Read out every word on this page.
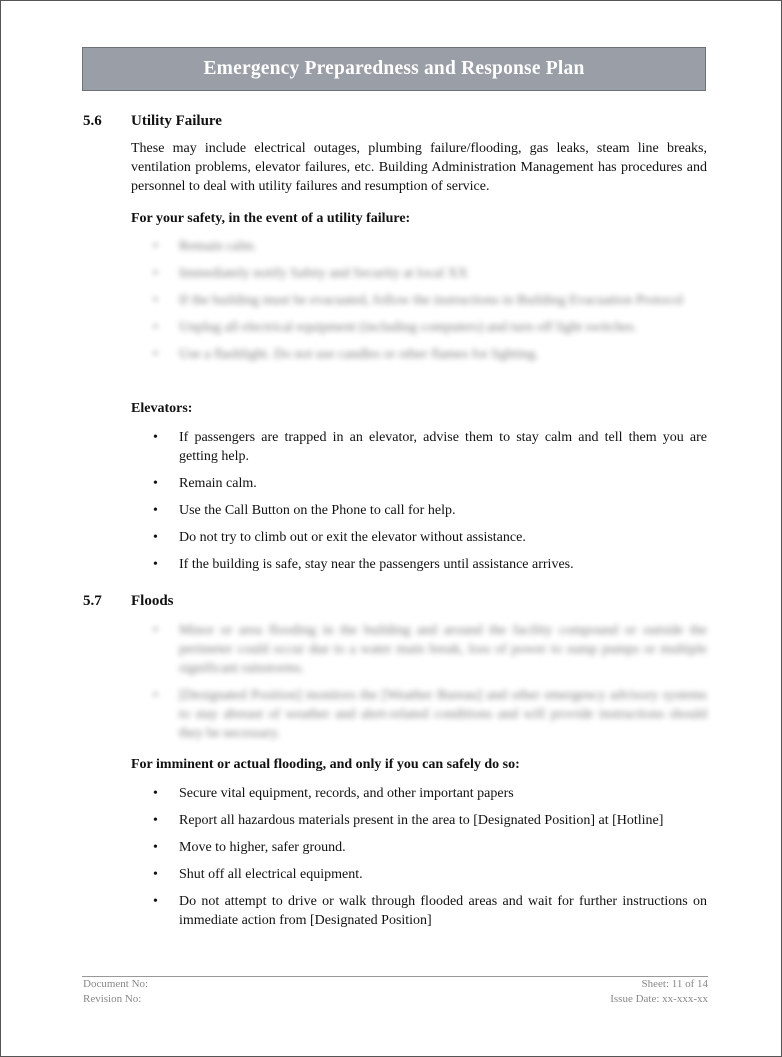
Emergency Preparedness and Response Plan
5.6 Utility Failure
These may include electrical outages, plumbing failure/flooding, gas leaks, steam line breaks, ventilation problems, elevator failures, etc. Building Administration Management has procedures and personnel to deal with utility failures and resumption of service.
For your safety, in the event of a utility failure:
• Remain calm.
• Immediately notify Safety and Security at local XX
• If the building must be evacuated, follow the instructions in Building Evacuation Protocol
• Unplug all electrical equipment (including computers) and turn off light switches.
• Use a flashlight. Do not use candles or other flames for lighting.
Elevators:
• If passengers are trapped in an elevator, advise them to stay calm and tell them you are getting help.
• Remain calm.
• Use the Call Button on the Phone to call for help.
• Do not try to climb out or exit the elevator without assistance.
• If the building is safe, stay near the passengers until assistance arrives.
5.7 Floods
• Minor or area flooding in the building and around the facility compound or outside the perimeter could occur due to a water main break, loss of power to sump pumps or multiple significant rainstorms.
• [Designated Position] monitors the [Weather Bureau] and other emergency advisory systems to stay abreast of weather and alert-related conditions and will provide instructions should they be necessary.
For imminent or actual flooding, and only if you can safely do so:
• Secure vital equipment, records, and other important papers
• Report all hazardous materials present in the area to [Designated Position] at [Hotline]
• Move to higher, safer ground.
• Shut off all electrical equipment.
• Do not attempt to drive or walk through flooded areas and wait for further instructions on immediate action from [Designated Position]
Document No:
Revision No:
Sheet: 11 of 14
Issue Date: xx-xxx-xx
